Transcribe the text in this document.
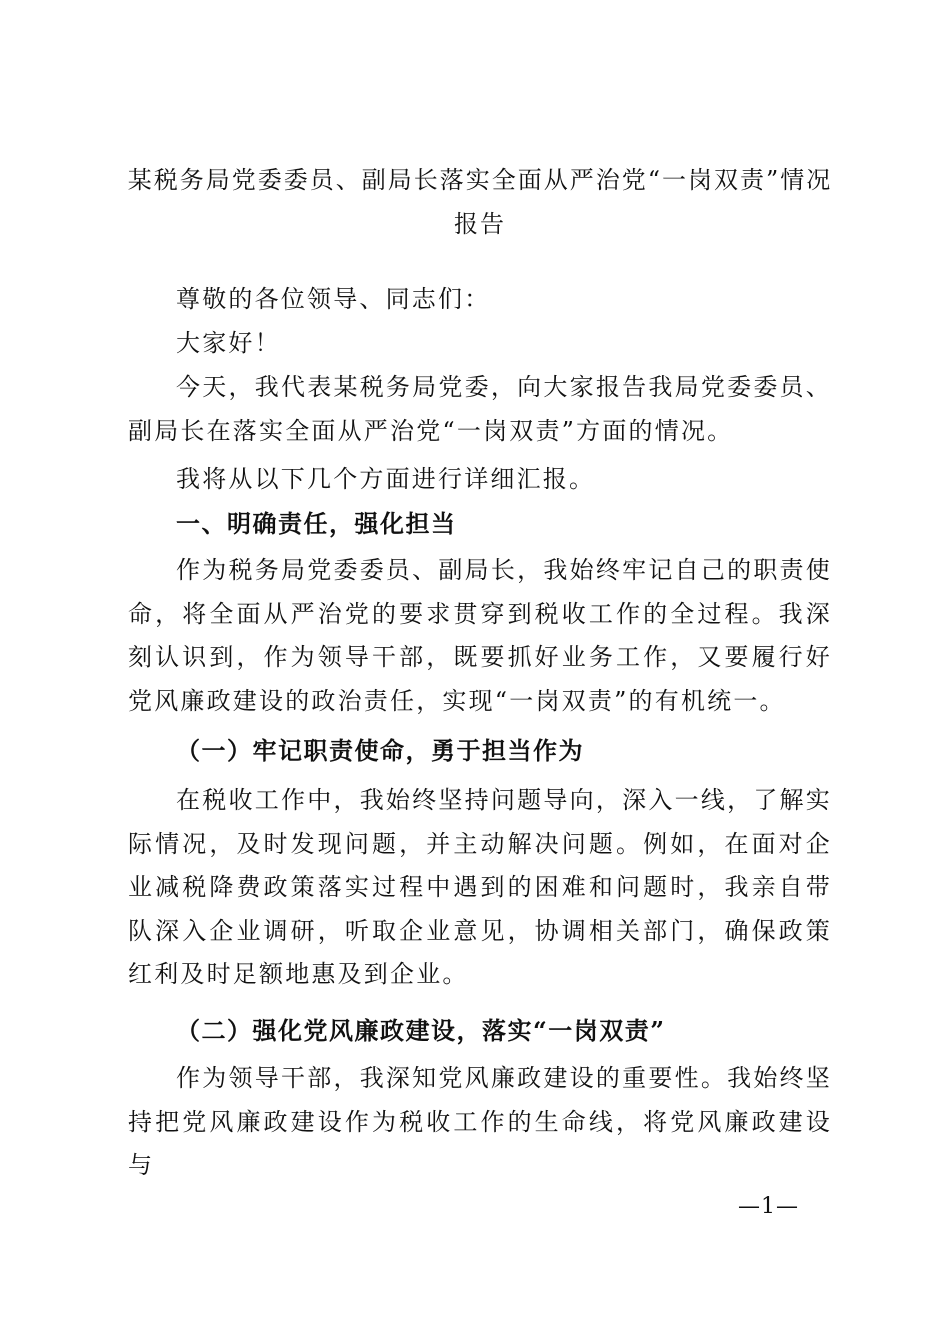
某税务局党委委员、副局长落实全面从严治党“一岗双责”情况报告

尊敬的各位领导、同志们：

大家好！

今天，我代表某税务局党委，向大家报告我局党委委员、副局长在落实全面从严治党“一岗双责”方面的情况。

我将从以下几个方面进行详细汇报。

一、明确责任，强化担当

作为税务局党委委员、副局长，我始终牢记自己的职责使命，将全面从严治党的要求贯穿到税收工作的全过程。我深刻认识到，作为领导干部，既要抓好业务工作，又要履行好党风廉政建设的政治责任，实现“一岗双责”的有机统一。

（一）牢记职责使命，勇于担当作为

在税收工作中，我始终坚持问题导向，深入一线，了解实际情况，及时发现问题，并主动解决问题。例如，在面对企业减税降费政策落实过程中遇到的困难和问题时，我亲自带队深入企业调研，听取企业意见，协调相关部门，确保政策红利及时足额地惠及到企业。

（二）强化党风廉政建设，落实“一岗双责”

作为领导干部，我深知党风廉政建设的重要性。我始终坚持把党风廉政建设作为税收工作的生命线，将党风廉政建设与

—1—
